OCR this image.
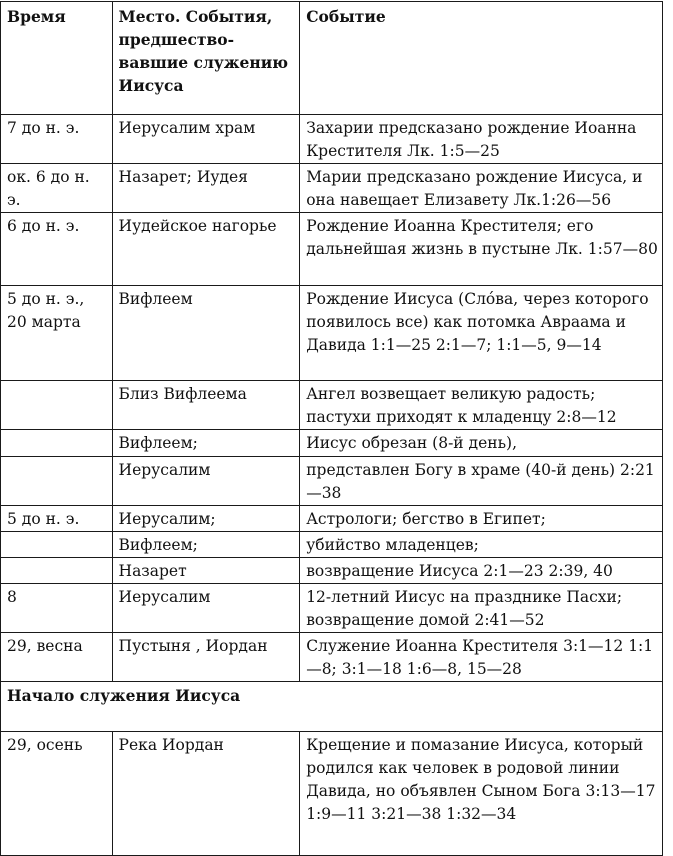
Время	Место. События, предшествовавшие служению Иисуса	Событие
7 до н. э.	Иерусалим храм	Захарии предсказано рождение Иоанна Крестителя Лк. 1:5—25
ок. 6 до н. э.	Назарет; Иудея	Марии предсказано рождение Иисуса, и она навещает Елизавету Лк.1:26—56
6 до н. э.	Иудейское нагорье	Рождение Иоанна Крестителя; его дальнейшая жизнь в пустыне Лк. 1:57—80
5 до н. э., 20 марта	Вифлеем	Рождение Иисуса (Сло́ва, через которого появилось все) как потомка Авраама и Давида 1:1—25 2:1—7; 1:1—5, 9—14
	Близ Вифлеема	Ангел возвещает великую радость; пастухи приходят к младенцу 2:8—12
	Вифлеем;	Иисус обрезан (8-й день),
	Иерусалим	представлен Богу в храме (40-й день) 2:21—38
5 до н. э.	Иерусалим;	Астрологи; бегство в Египет;
	Вифлеем;	убийство младенцев;
	Назарет	возвращение Иисуса 2:1—23 2:39, 40
8	Иерусалим	12-летний Иисус на празднике Пасхи; возвращение домой 2:41—52
29, весна	Пустыня , Иордан	Служение Иоанна Крестителя 3:1—12 1:1—8; 3:1—18 1:6—8, 15—28
Начало служения Иисуса		
29, осень	Река Иордан	Крещение и помазание Иисуса, который родился как человек в родовой линии Давида, но объявлен Сыном Бога 3:13—17 1:9—11 3:21—38 1:32—34
